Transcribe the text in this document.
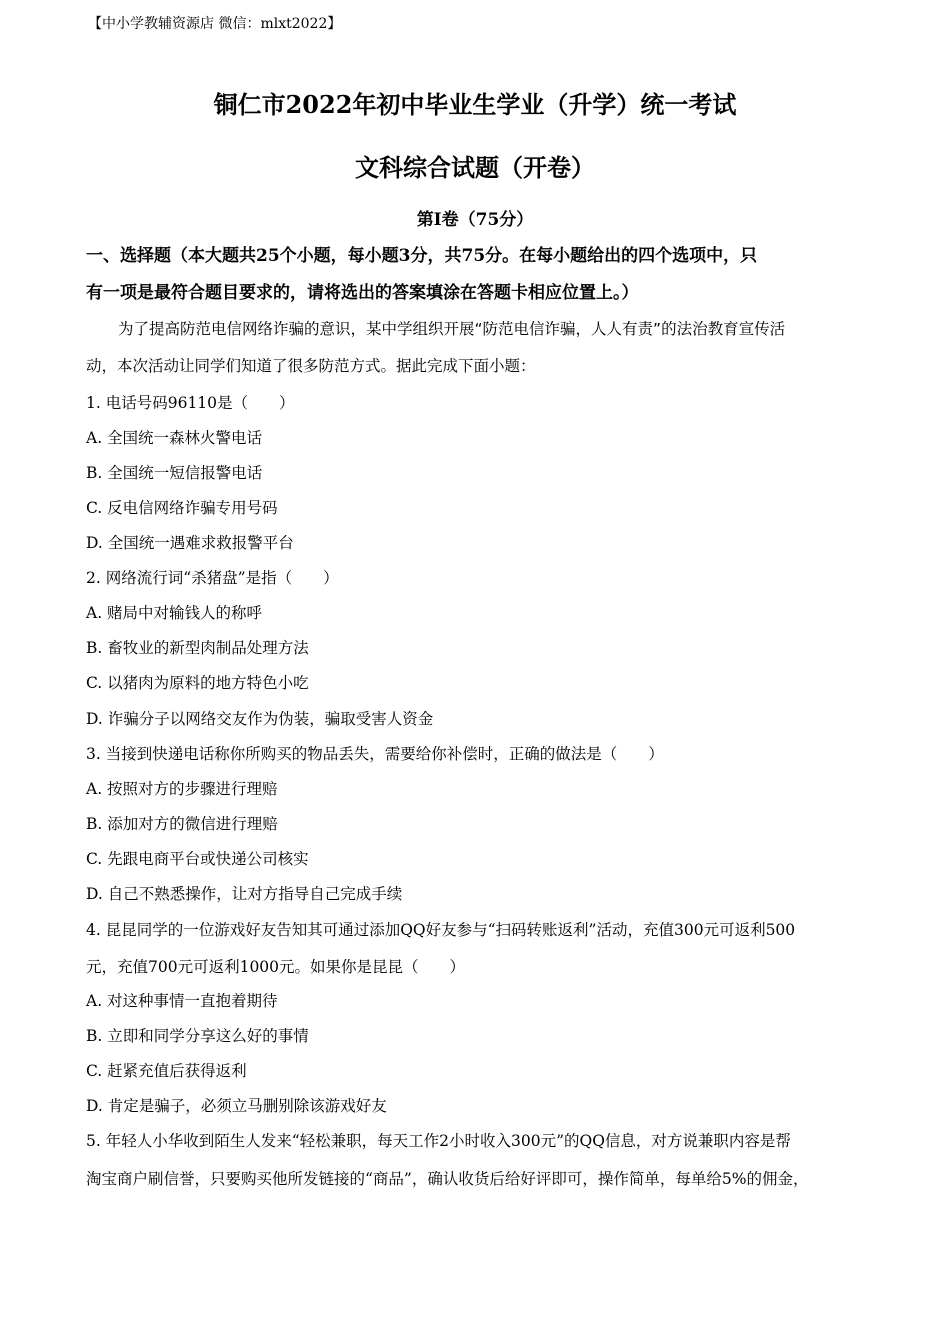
【中小学教辅资源店 微信：mlxt2022】
铜仁市2022年初中毕业生学业（升学）统一考试
文科综合试题（开卷）
第I卷（75分）
一、选择题（本大题共25个小题，每小题3分，共75分。在每小题给出的四个选项中，只
有一项是最符合题目要求的，请将选出的答案填涂在答题卡相应位置上。）
为了提高防范电信网络诈骗的意识，某中学组织开展“防范电信诈骗，人人有责”的法治教育宣传活
动，本次活动让同学们知道了很多防范方式。据此完成下面小题：
1. 电话号码96110是（　　）
A. 全国统一森林火警电话
B. 全国统一短信报警电话
C. 反电信网络诈骗专用号码
D. 全国统一遇难求救报警平台
2. 网络流行词“杀猪盘”是指（　　）
A. 赌局中对输钱人的称呼
B. 畜牧业的新型肉制品处理方法
C. 以猪肉为原料的地方特色小吃
D. 诈骗分子以网络交友作为伪装，骗取受害人资金
3. 当接到快递电话称你所购买的物品丢失，需要给你补偿时，正确的做法是（　　）
A. 按照对方的步骤进行理赔
B. 添加对方的微信进行理赔
C. 先跟电商平台或快递公司核实
D. 自己不熟悉操作，让对方指导自己完成手续
4. 昆昆同学的一位游戏好友告知其可通过添加QQ好友参与“扫码转账返利”活动，充值300元可返利500
元，充值700元可返利1000元。如果你是昆昆（　　）
A. 对这种事情一直抱着期待
B. 立即和同学分享这么好的事情
C. 赶紧充值后获得返利
D. 肯定是骗子，必须立马删别除该游戏好友
5. 年轻人小华收到陌生人发来“轻松兼职，每天工作2小时收入300元”的QQ信息，对方说兼职内容是帮
淘宝商户刷信誉，只要购买他所发链接的“商品”，确认收货后给好评即可，操作简单，每单给5%的佣金，
